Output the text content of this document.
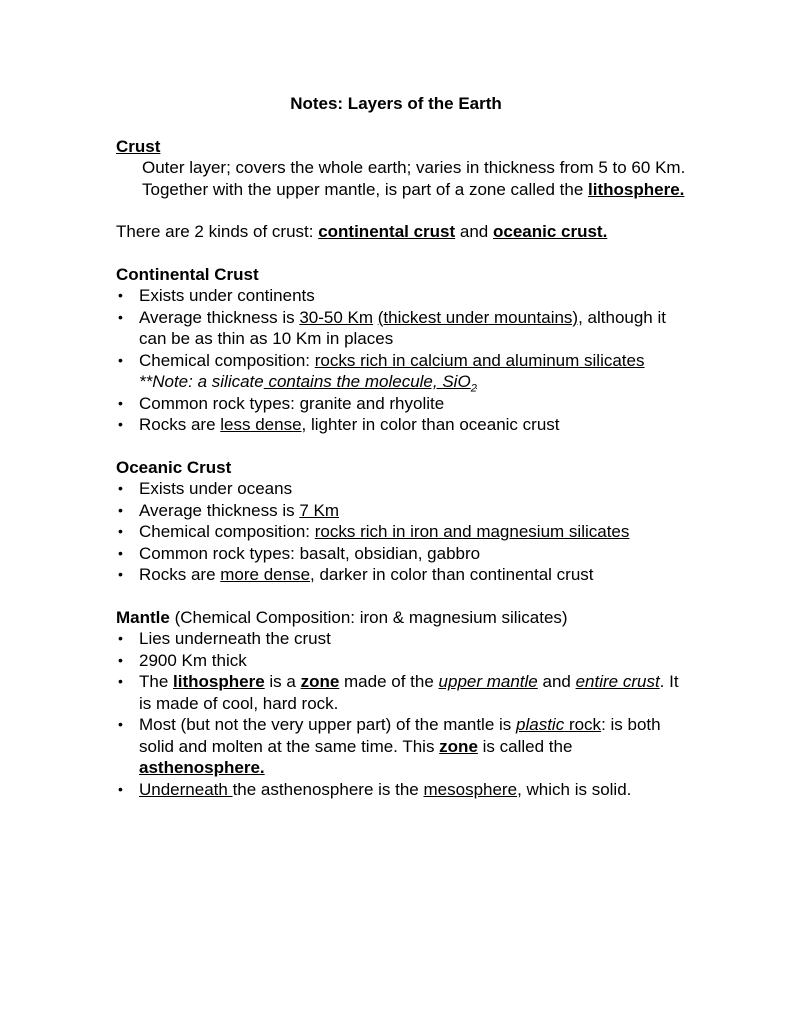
Notes: Layers of the Earth
Crust
Outer layer; covers the whole earth; varies in thickness from 5 to 60 Km. Together with the upper mantle, is part of a zone called the lithosphere.
There are 2 kinds of crust: continental crust and oceanic crust.
Continental Crust
• Exists under continents
• Average thickness is 30-50 Km (thickest under mountains), although it can be as thin as 10 Km in places
• Chemical composition: rocks rich in calcium and aluminum silicates
**Note: a silicate contains the molecule, SiO$_2$
• Common rock types: granite and rhyolite
• Rocks are less dense, lighter in color than oceanic crust
Oceanic Crust
• Exists under oceans
• Average thickness is 7 Km
• Chemical composition: rocks rich in iron and magnesium silicates
• Common rock types: basalt, obsidian, gabbro
• Rocks are more dense, darker in color than continental crust
Mantle (Chemical Composition: iron & magnesium silicates)
• Lies underneath the crust
• 2900 Km thick
• The lithosphere is a zone made of the upper mantle and entire crust. It is made of cool, hard rock.
• Most (but not the very upper part) of the mantle is plastic rock: is both solid and molten at the same time. This zone is called the asthenosphere.
• Underneath the asthenosphere is the mesosphere, which is solid.
